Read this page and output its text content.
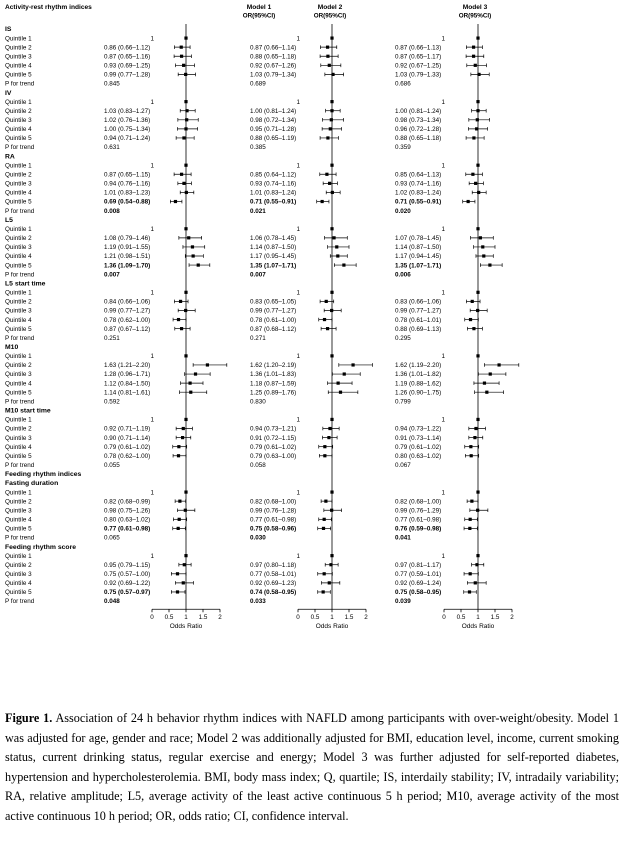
Activity-rest rhythm indices	Model 1
OR(95%CI)
Model 2
OR(95%CI)
Model 3
OR(95%CI)
0 0.5 1 1.5 2
Odds Ratio
0 0.5 1 1.5 2
Odds Ratio
0 0.5 1 1.5 2
Odds Ratio
IS
Quintile 1	1	1	1
Quintile 2	0.86 (0.66–1.12)	0.87 (0.66–1.14)	0.87 (0.66–1.13)
Quintile 3	0.87 (0.65–1.16)	0.88 (0.65–1.18)	0.87 (0.65–1.17)
Quintile 4	0.93 (0.69–1.25)	0.92 (0.67–1.26)	0.92 (0.67–1.25)
Quintile 5	0.99 (0.77–1.28)	1.03 (0.79–1.34)	1.03 (0.79–1.33)
P for trend	0.845	0.689	0.686
IV
Quintile 1	1	1	1
Quintile 2	1.03 (0.83–1.27)	1.00 (0.81–1.24)	1.00 (0.81–1.24)
Quintile 3	1.02 (0.76–1.36)	0.98 (0.72–1.34)	0.98 (0.73–1.34)
Quintile 4	1.00 (0.75–1.34)	0.95 (0.71–1.28)	0.96 (0.72–1.28)
Quintile 5	0.94 (0.71–1.24)	0.88 (0.65–1.19)	0.88 (0.65–1.18)
P for trend	0.631	0.385	0.359
RA
Quintile 1	1	1	1
Quintile 2	0.87 (0.65–1.15)	0.85 (0.64–1.12)	0.85 (0.64–1.13)
Quintile 3	0.94 (0.76–1.16)	0.93 (0.74–1.16)	0.93 (0.74–1.16)
Quintile 4	1.01 (0.83–1.23)	1.01 (0.83–1.24)	1.02 (0.83–1.24)
Quintile 5	0.69 (0.54–0.88)	0.71 (0.55–0.91)	0.71 (0.55–0.91)
P for trend	0.008	0.021	0.020
L5
Quintile 1	1	1	1
Quintile 2	1.08 (0.79–1.46)	1.06 (0.78–1.45)	1.07 (0.78–1.45)
Quintile 3	1.19 (0.91–1.55)	1.14 (0.87–1.50)	1.14 (0.87–1.50)
Quintile 4	1.21 (0.98–1.51)	1.17 (0.95–1.45)	1.17 (0.94–1.45)
Quintile 5	1.36 (1.09–1.70)	1.35 (1.07–1.71)	1.35 (1.07–1.71)
P for trend	0.007	0.007	0.006
L5 start time
Quintile 1	1	1	1
Quintile 2	0.84 (0.66–1.06)	0.83 (0.65–1.05)	0.83 (0.66–1.06)
Quintile 3	0.99 (0.77–1.27)	0.99 (0.77–1.27)	0.99 (0.77–1.27)
Quintile 4	0.78 (0.62–1.00)	0.78 (0.61–1.00)	0.78 (0.61–1.01)
Quintile 5	0.87 (0.67–1.12)	0.87 (0.68–1.12)	0.88 (0.69–1.13)
P for trend	0.251	0.271	0.295
M10
Quintile 1	1	1	1
Quintile 2	1.63 (1.21–2.20)	1.62 (1.20–2.19)	1.62 (1.19–2.20)
Quintile 3	1.28 (0.96–1.71)	1.36 (1.01–1.83)	1.36 (1.01–1.82)
Quintile 4	1.12 (0.84–1.50)	1.18 (0.87–1.59)	1.19 (0.88–1.62)
Quintile 5	1.14 (0.81–1.61)	1.25 (0.89–1.76)	1.26 (0.90–1.75)
P for trend	0.592	0.830	0.799
M10 start time
Quintile 1	1	1	1
Quintile 2	0.92 (0.71–1.19)	0.94 (0.73–1.21)	0.94 (0.73–1.22)
Quintile 3	0.90 (0.71–1.14)	0.91 (0.72–1.15)	0.91 (0.73–1.14)
Quintile 4	0.79 (0.61–1.02)	0.79 (0.61–1.02)	0.79 (0.61–1.02)
Quintile 5	0.78 (0.62–1.00)	0.79 (0.63–1.00)	0.80 (0.63–1.02)
P for trend	0.055	0.058	0.067
Feeding rhythm indices
Fasting duration
Quintile 1	1	1	1
Quintile 2	0.82 (0.68–0.99)	0.82 (0.68–1.00)	0.82 (0.68–1.00)
Quintile 3	0.98 (0.75–1.26)	0.99 (0.76–1.28)	0.99 (0.76–1.29)
Quintile 4	0.80 (0.63–1.02)	0.77 (0.61–0.98)	0.77 (0.61–0.98)
Quintile 5	0.77 (0.61–0.98)	0.75 (0.58–0.96)	0.76 (0.59–0.98)
P for trend	0.065	0.030	0.041
Feeding rhythm score
Quintile 1	1	1	1
Quintile 2	0.95 (0.79–1.15)	0.97 (0.80–1.18)	0.97 (0.81–1.17)
Quintile 3	0.75 (0.57–1.00)	0.77 (0.58–1.01)	0.77 (0.59–1.01)
Quintile 4	0.92 (0.69–1.22)	0.92 (0.69–1.23)	0.92 (0.69–1.24)
Quintile 5	0.75 (0.57–0.97)	0.74 (0.58–0.95)	0.75 (0.58–0.95)
P for trend	0.048	0.033	0.039

Figure 1. Association of 24 h behavior rhythm indices with NAFLD among participants with over-weight/obesity. Model 1 was adjusted for age, gender and race; Model 2 was additionally adjusted for BMI, education level, income, current smoking status, current drinking status, regular exercise and energy; Model 3 was further adjusted for self-reported diabetes, hypertension and hypercholesterolemia. BMI, body mass index; Q, quartile; IS, interdaily stability; IV, intradaily variability; RA, relative amplitude; L5, average activity of the least active continuous 5 h period; M10, average activity of the most active continuous 10 h period; OR, odds ratio; CI, confidence interval.
